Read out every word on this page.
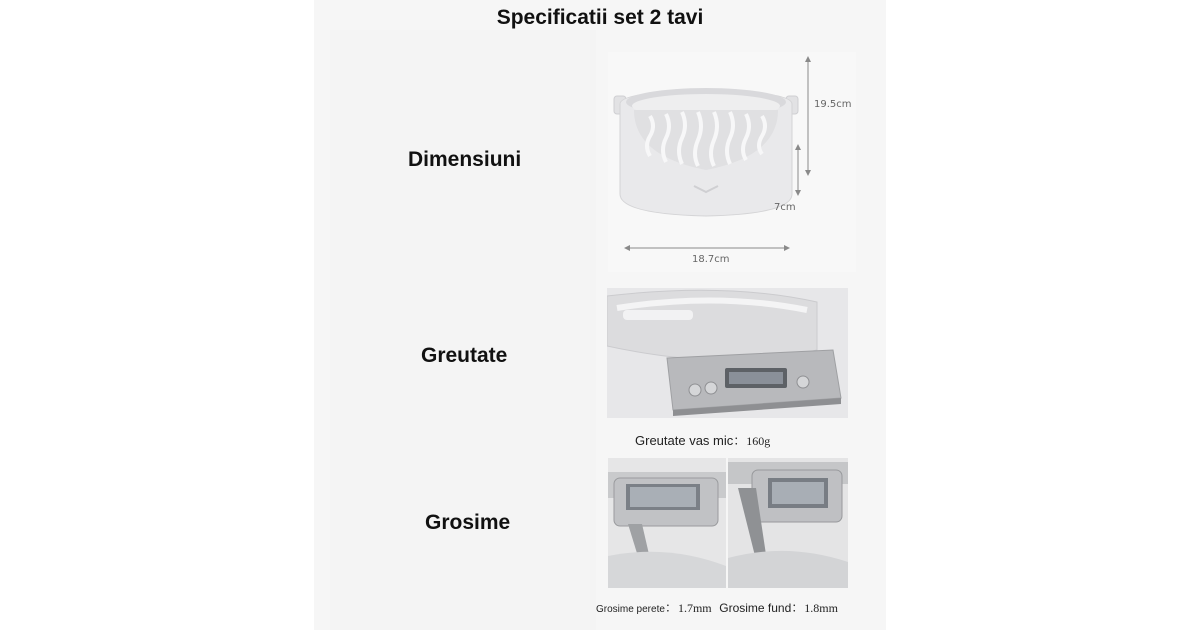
Specificatii set 2 tavi
Dimensiuni
19.5cm
7cm
18.7cm
Greutate
Greutate vas mic：160g
Grosime
Grosime perete：1.7mm Grosime fund：1.8mm
